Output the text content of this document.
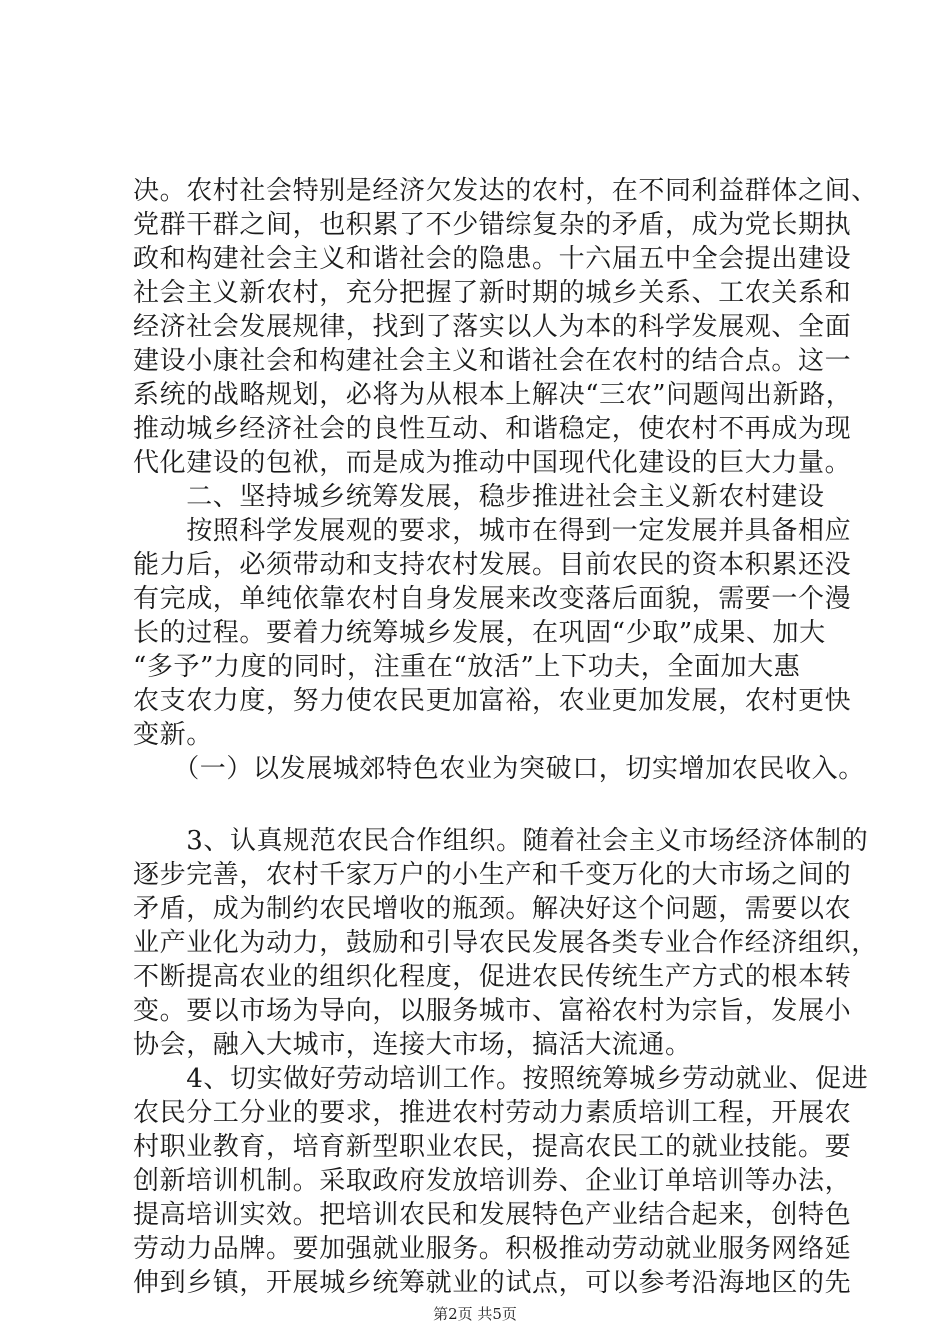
决。农村社会特别是经济欠发达的农村，在不同利益群体之间、
党群干群之间，也积累了不少错综复杂的矛盾，成为党长期执
政和构建社会主义和谐社会的隐患。十六届五中全会提出建设
社会主义新农村，充分把握了新时期的城乡关系、工农关系和
经济社会发展规律，找到了落实以人为本的科学发展观、全面
建设小康社会和构建社会主义和谐社会在农村的结合点。这一
系统的战略规划，必将为从根本上解决“三农”问题闯出新路，
推动城乡经济社会的良性互动、和谐稳定，使农村不再成为现
代化建设的包袱，而是成为推动中国现代化建设的巨大力量。
　　二、坚持城乡统筹发展，稳步推进社会主义新农村建设
　　按照科学发展观的要求，城市在得到一定发展并具备相应
能力后，必须带动和支持农村发展。目前农民的资本积累还没
有完成，单纯依靠农村自身发展来改变落后面貌，需要一个漫
长的过程。要着力统筹城乡发展，在巩固“少取”成果、加大
“多予”力度的同时，注重在“放活”上下功夫，全面加大惠
农支农力度，努力使农民更加富裕，农业更加发展，农村更快
变新。
　　（一）以发展城郊特色农业为突破口，切实增加农民收入。
　　3、认真规范农民合作组织。随着社会主义市场经济体制的
逐步完善，农村千家万户的小生产和千变万化的大市场之间的
矛盾，成为制约农民增收的瓶颈。解决好这个问题，需要以农
业产业化为动力，鼓励和引导农民发展各类专业合作经济组织，
不断提高农业的组织化程度，促进农民传统生产方式的根本转
变。要以市场为导向，以服务城市、富裕农村为宗旨，发展小
协会，融入大城市，连接大市场，搞活大流通。
　　4、切实做好劳动培训工作。按照统筹城乡劳动就业、促进
农民分工分业的要求，推进农村劳动力素质培训工程，开展农
村职业教育，培育新型职业农民，提高农民工的就业技能。要
创新培训机制。采取政府发放培训券、企业订单培训等办法，
提高培训实效。把培训农民和发展特色产业结合起来，创特色
劳动力品牌。要加强就业服务。积极推动劳动就业服务网络延
伸到乡镇，开展城乡统筹就业的试点，可以参考沿海地区的先
第2页 共5页
